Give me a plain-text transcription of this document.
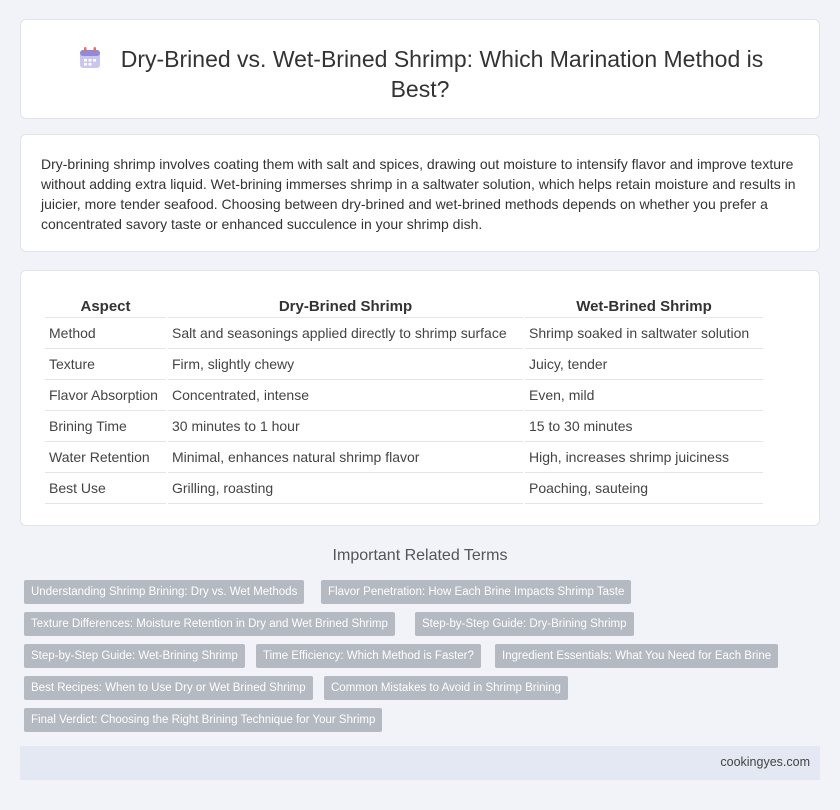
Dry-Brined vs. Wet-Brined Shrimp: Which Marination Method is Best?

Dry-brining shrimp involves coating them with salt and spices, drawing out moisture to intensify flavor and improve texture without adding extra liquid. Wet-brining immerses shrimp in a saltwater solution, which helps retain moisture and results in juicier, more tender seafood. Choosing between dry-brined and wet-brined methods depends on whether you prefer a concentrated savory taste or enhanced succulence in your shrimp dish.

Aspect	Dry-Brined Shrimp	Wet-Brined Shrimp
Method	Salt and seasonings applied directly to shrimp surface	Shrimp soaked in saltwater solution
Texture	Firm, slightly chewy	Juicy, tender
Flavor Absorption	Concentrated, intense	Even, mild
Brining Time	30 minutes to 1 hour	15 to 30 minutes
Water Retention	Minimal, enhances natural shrimp flavor	High, increases shrimp juiciness
Best Use	Grilling, roasting	Poaching, sauteing
Important Related Terms
Understanding Shrimp Brining: Dry vs. Wet Methods	Flavor Penetration: How Each Brine Impacts Shrimp Taste
Texture Differences: Moisture Retention in Dry and Wet Brined Shrimp	Step-by-Step Guide: Dry-Brining Shrimp
Step-by-Step Guide: Wet-Brining Shrimp	Time Efficiency: Which Method is Faster?	Ingredient Essentials: What You Need for Each Brine
Best Recipes: When to Use Dry or Wet Brined Shrimp	Common Mistakes to Avoid in Shrimp Brining
Final Verdict: Choosing the Right Brining Technique for Your Shrimp
cookingyes.com
